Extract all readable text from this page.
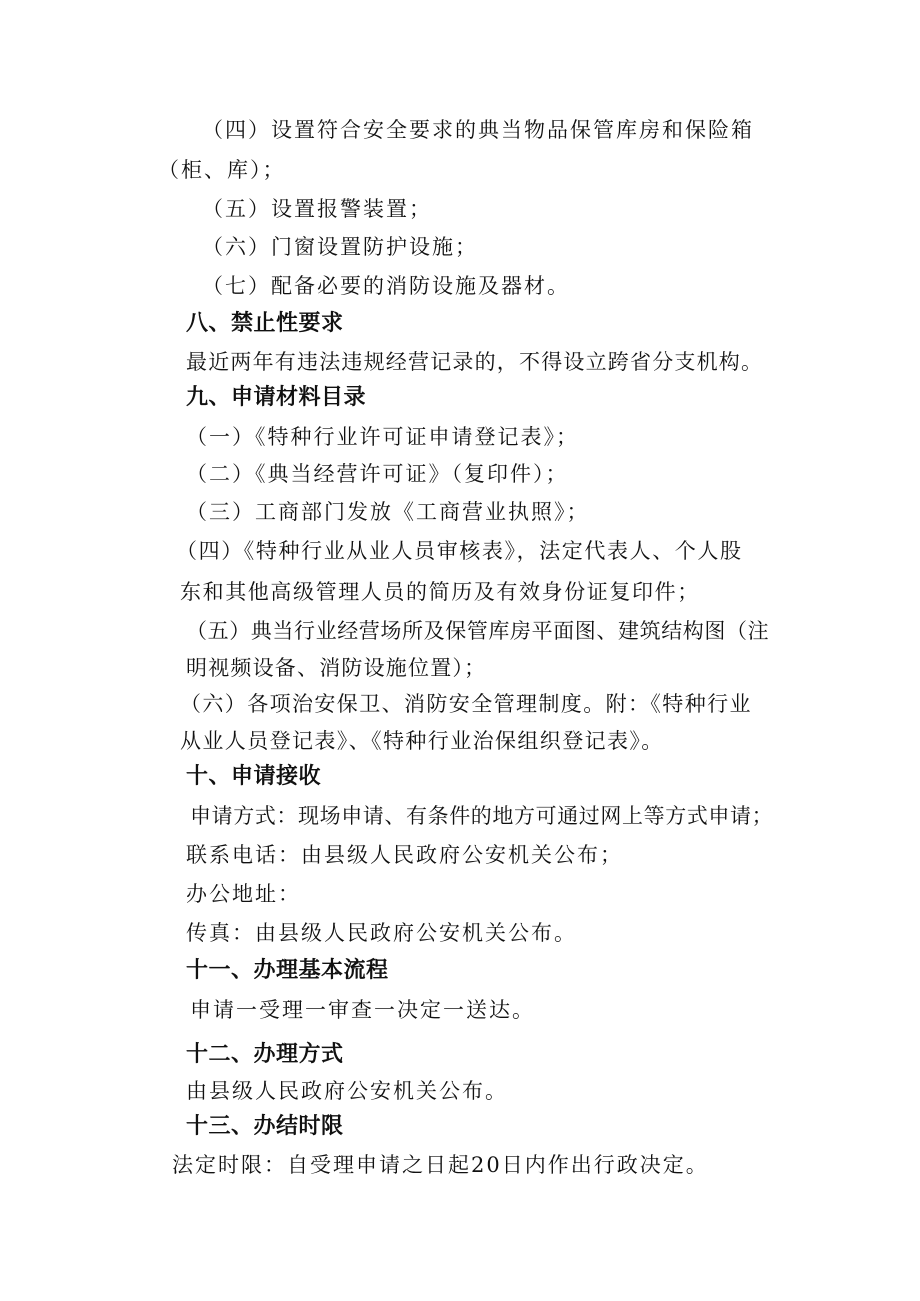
（四）设置符合安全要求的典当物品保管库房和保险箱
（柜、库）；
（五）设置报警装置；
（六）门窗设置防护设施；
（七）配备必要的消防设施及器材。
八、禁止性要求
最近两年有违法违规经营记录的，不得设立跨省分支机构。
九、申请材料目录
（一）《特种行业许可证申请登记表》；
（二）《典当经营许可证》（复印件）；
（三）工商部门发放《工商营业执照》；
（四）《特种行业从业人员审核表》，法定代表人、个人股
东和其他高级管理人员的简历及有效身份证复印件；
（五）典当行业经营场所及保管库房平面图、建筑结构图（注
明视频设备、消防设施位置）；
（六）各项治安保卫、消防安全管理制度。附：《特种行业
从业人员登记表》、《特种行业治保组织登记表》。
十、申请接收
申请方式：现场申请、有条件的地方可通过网上等方式申请；
联系电话：由县级人民政府公安机关公布；
办公地址：
传真：由县级人民政府公安机关公布。
十一、办理基本流程
申请一受理一审查一决定一送达。
十二、办理方式
由县级人民政府公安机关公布。
十三、办结时限
法定时限：自受理申请之日起20日内作出行政决定。
